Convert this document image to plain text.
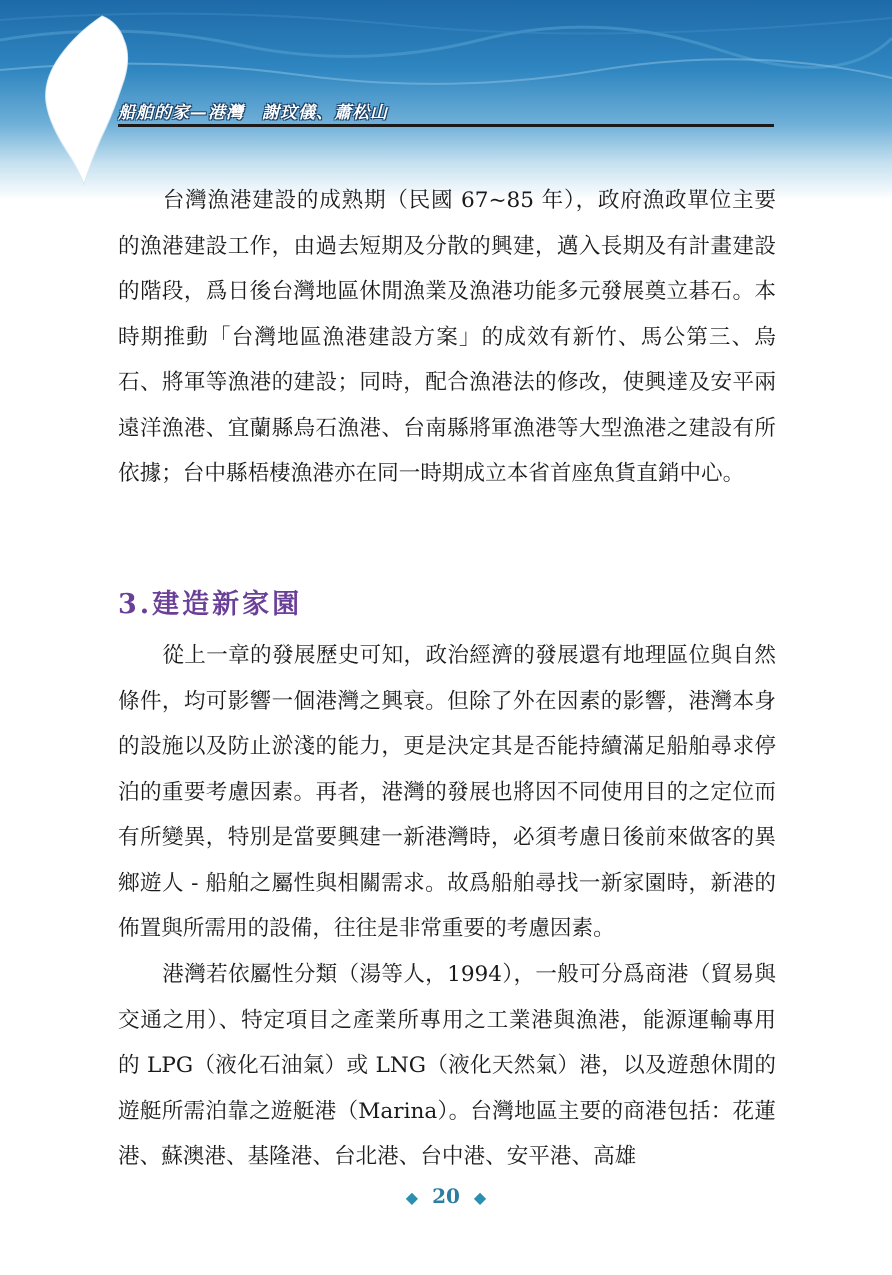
船舶的家—港灣　謝玟儀、蕭松山

台灣漁港建設的成熟期（民國 67~85 年），政府漁政單位主要的漁港建設工作，由過去短期及分散的興建，邁入長期及有計畫建設的階段，爲日後台灣地區休閒漁業及漁港功能多元發展奠立碁石。本時期推動「台灣地區漁港建設方案」的成效有新竹、馬公第三、烏石、將軍等漁港的建設；同時，配合漁港法的修改，使興達及安平兩遠洋漁港、宜蘭縣烏石漁港、台南縣將軍漁港等大型漁港之建設有所依據；台中縣梧棲漁港亦在同一時期成立本省首座魚貨直銷中心。

3.建造新家園

從上一章的發展歷史可知，政治經濟的發展還有地理區位與自然條件，均可影響一個港灣之興衰。但除了外在因素的影響，港灣本身的設施以及防止淤淺的能力，更是決定其是否能持續滿足船舶尋求停泊的重要考慮因素。再者，港灣的發展也將因不同使用目的之定位而有所變異，特別是當要興建一新港灣時，必須考慮日後前來做客的異鄉遊人 - 船舶之屬性與相關需求。故爲船舶尋找一新家園時，新港的佈置與所需用的設備，往往是非常重要的考慮因素。

港灣若依屬性分類（湯等人，1994），一般可分爲商港（貿易與交通之用）、特定項目之產業所專用之工業港與漁港，能源運輸專用的 LPG（液化石油氣）或 LNG（液化天然氣）港，以及遊憩休閒的遊艇所需泊靠之遊艇港（Marina）。台灣地區主要的商港包括：花蓮港、蘇澳港、基隆港、台北港、台中港、安平港、高雄

◆ 20 ◆
